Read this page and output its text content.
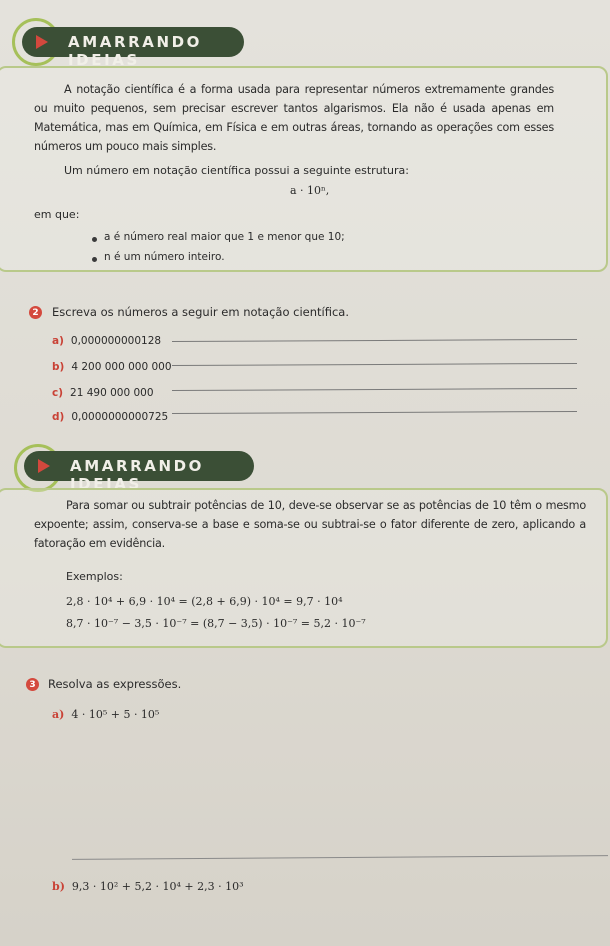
AMARRANDO IDEIAS
A notação científica é a forma usada para representar números extremamente grandes ou muito pequenos, sem precisar escrever tantos algarismos. Ela não é usada apenas em Matemática, mas em Química, em Física e em outras áreas, tornando as operações com esses números um pouco mais simples.
Um número em notação científica possui a seguinte estrutura:
a · 10ⁿ,
em que:
a é número real maior que 1 e menor que 10;
n é um número inteiro.
2 Escreva os números a seguir em notação científica.
a) 0,000000000128
b) 4 200 000 000 000
c) 21 490 000 000
d) 0,0000000000725
AMARRANDO IDEIAS
Para somar ou subtrair potências de 10, deve-se observar se as potências de 10 têm o mesmo expoente; assim, conserva-se a base e soma-se ou subtrai-se o fator diferente de zero, aplicando a fatoração em evidência.
Exemplos:
2,8 · 10⁴ + 6,9 · 10⁴ = (2,8 + 6,9) · 10⁴ = 9,7 · 10⁴
8,7 · 10⁻⁷ − 3,5 · 10⁻⁷ = (8,7 − 3,5) · 10⁻⁷ = 5,2 · 10⁻⁷
3 Resolva as expressões.
a) 4 · 10⁵ + 5 · 10⁵
b) 9,3 · 10² + 5,2 · 10⁴ + 2,3 · 10³
